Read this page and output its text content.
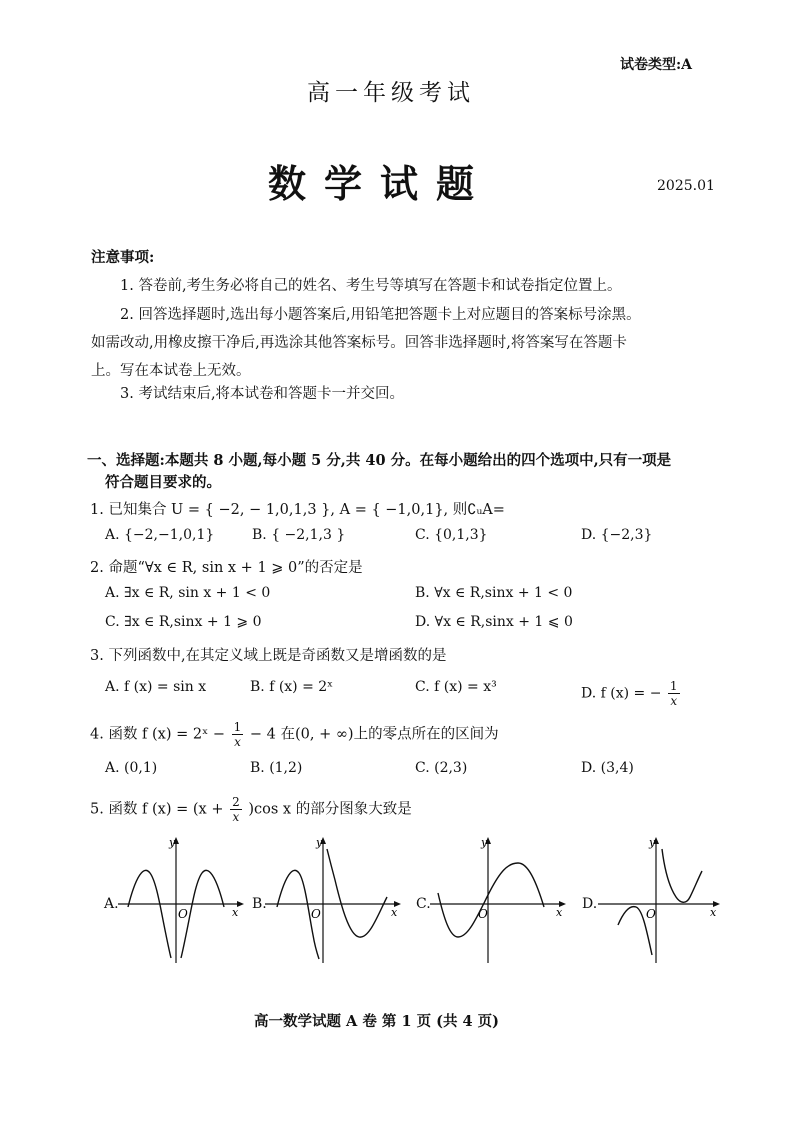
试卷类型:A
高一年级考试
数学试题	2025.01
注意事项:
1. 答卷前,考生务必将自己的姓名、考生号等填写在答题卡和试卷指定位置上。
2. 回答选择题时,选出每小题答案后,用铅笔把答题卡上对应题目的答案标号涂黑。
如需改动,用橡皮擦干净后,再选涂其他答案标号。回答非选择题时,将答案写在答题卡
上。写在本试卷上无效。
3. 考试结束后,将本试卷和答题卡一并交回。
一、选择题:本题共 8 小题,每小题 5 分,共 40 分。在每小题给出的四个选项中,只有一项是
符合题目要求的。
1. 已知集合 U = { −2, − 1,0,1,3 }, A = { −1,0,1}, 则∁ᵤA=
A. {−2,−1,0,1}	B. { −2,1,3 }	C. {0,1,3}	D. {−2,3}
2. 命题“∀x ∈ R, sin x + 1 ⩾ 0”的否定是
A. ∃x ∈ R, sin x + 1 < 0	B. ∀x ∈ R,sinx + 1 < 0
C. ∃x ∈ R,sinx + 1 ⩾ 0	D. ∀x ∈ R,sinx + 1 ⩽ 0
3. 下列函数中,在其定义域上既是奇函数又是增函数的是
A. f (x) = sin x	B. f (x) = 2ˣ	C. f (x) = x³	D. f (x) = − $\frac{1}{x}$
4. 函数 f (x) = 2ˣ − $\frac{1}{x} - 4$ 在(0, + ∞)上的零点所在的区间为
A. (0,1)	B. (1,2)	C. (2,3)	D. (3,4)
5. 函数 f $(x) = (x + \frac{2}{x} )\cos$ x 的部分图象大致是
A.	B.	C.	D.
y
x
O
y
x
O
y
x
O
y
x
O
高一数学试题 A 卷 第 1 页 (共 4 页)
